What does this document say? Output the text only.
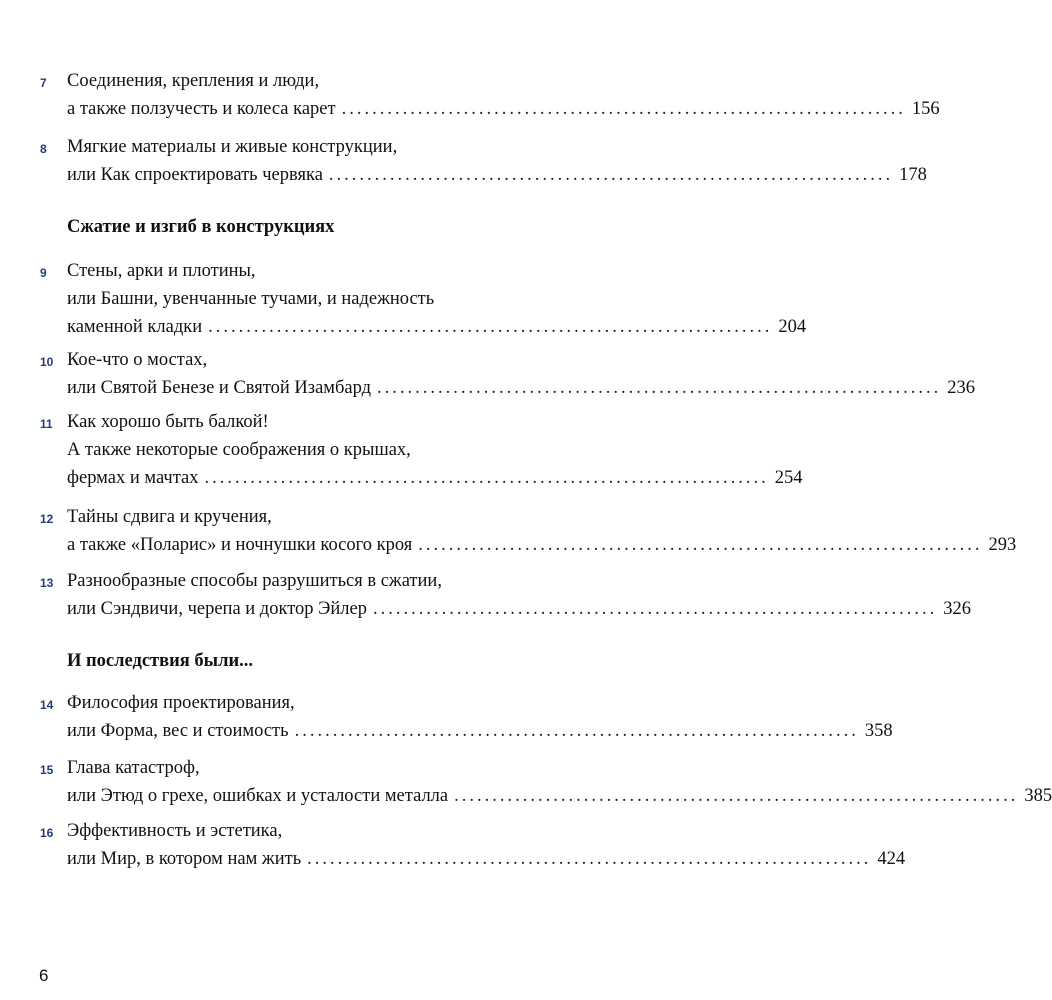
7	Соединения, крепления и люди,
а также ползучесть и колеса карет .......................................................................... 156
8	Мягкие материалы и живые конструкции,
или Как спроектировать червяка .......................................................................... 178
Сжатие и изгиб в конструкциях
9	Стены, арки и плотины,
или Башни, увенчанные тучами, и надежность
каменной кладки .......................................................................... 204
10 Кое-что о мостах,
или Святой Бенезе и Святой Изамбард .......................................................................... 236
11 Как хорошо быть балкой!
А также некоторые соображения о крышах,
фермах и мачтах .......................................................................... 254
12 Тайны сдвига и кручения,
а также «Поларис» и ночнушки косого кроя .......................................................................... 293
13 Разнообразные способы разрушиться в сжатии,
или Сэндвичи, черепа и доктор Эйлер .......................................................................... 326
И последствия были...
14 Философия проектирования,
или Форма, вес и стоимость .......................................................................... 358
15 Глава катастроф,
или Этюд о грехе, ошибках и усталости металла .......................................................................... 385
16 Эффективность и эстетика,
или Мир, в котором нам жить .......................................................................... 424
6
